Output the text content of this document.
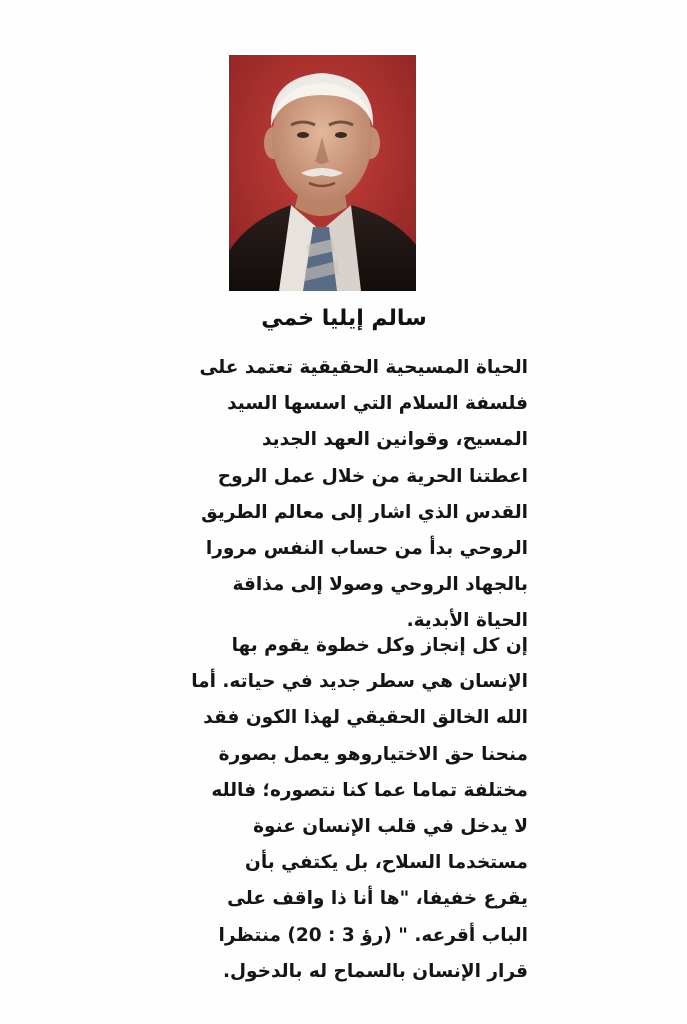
سالم إيليا خمي
الحياة المسيحية الحقيقية تعتمد على
فلسفة السلام التي اسسها السيد
المسيح، وقوانين العهد الجديد
اعطتنا الحرية من خلال عمل الروح
القدس الذي اشار إلى معالم الطريق
الروحي بدأ من حساب النفس مرورا
بالجهاد الروحي وصولا إلى مذاقة
الحياة الأبدية.
إن كل إنجاز وكل خطوة يقوم بها
الإنسان هي سطر جديد في حياته. أما
الله الخالق الحقيقي لهذا الكون فقد
منحنا حق الاختياروهو يعمل بصورة
مختلفة تماما عما كنا نتصوره؛ فالله
لا يدخل في قلب الإنسان عنوة
مستخدما السلاح، بل يكتفي بأن
يقرع خفيفا، "ها أنا ذا واقف على
الباب أقرعه. " (رؤ 3 : 20) منتظرا
قرار الإنسان بالسماح له بالدخول.
